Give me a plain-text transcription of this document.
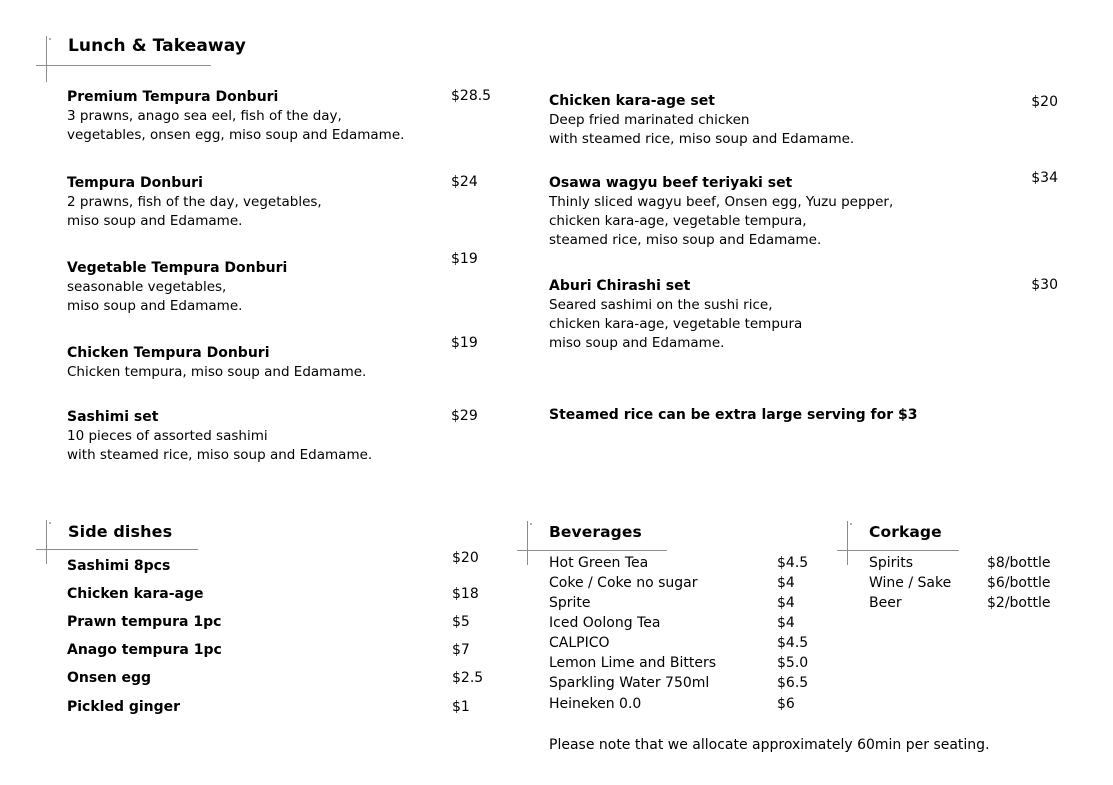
Lunch & Takeaway
Premium Tempura Donburi
3 prawns, anago sea eel, fish of the day,
vegetables, onsen egg, miso soup and Edamame.
$28.5
Tempura Donburi
2 prawns, fish of the day, vegetables,
miso soup and Edamame.
$24
Vegetable Tempura Donburi
seasonable vegetables,
miso soup and Edamame.
$19
Chicken Tempura Donburi
Chicken tempura, miso soup and Edamame.
$19
Sashimi set
10 pieces of assorted sashimi
with steamed rice, miso soup and Edamame.
$29
Chicken kara-age set
Deep fried marinated chicken
with steamed rice, miso soup and Edamame.
$20
Osawa wagyu beef teriyaki set
Thinly sliced wagyu beef, Onsen egg, Yuzu pepper,
chicken kara-age, vegetable tempura,
steamed rice, miso soup and Edamame.
$34
Aburi Chirashi set
Seared sashimi on the sushi rice,
chicken kara-age, vegetable tempura
miso soup and Edamame.
$30
Steamed rice can be extra large serving for $3
Side dishes
Sashimi 8pcs	$20
Chicken kara-age	$18
Prawn tempura 1pc	$5
Anago tempura 1pc	$7
Onsen egg	$2.5
Pickled ginger	$1
Beverages
Hot Green Tea	$4.5
Coke / Coke no sugar	$4
Sprite	$4
Iced Oolong Tea	$4
CALPICO	$4.5
Lemon Lime and Bitters	$5.0
Sparkling Water 750ml	$6.5
Heineken 0.0	$6
Corkage
Spirits	$8/bottle
Wine / Sake	$6/bottle
Beer	$2/bottle
Please note that we allocate approximately 60min per seating.
